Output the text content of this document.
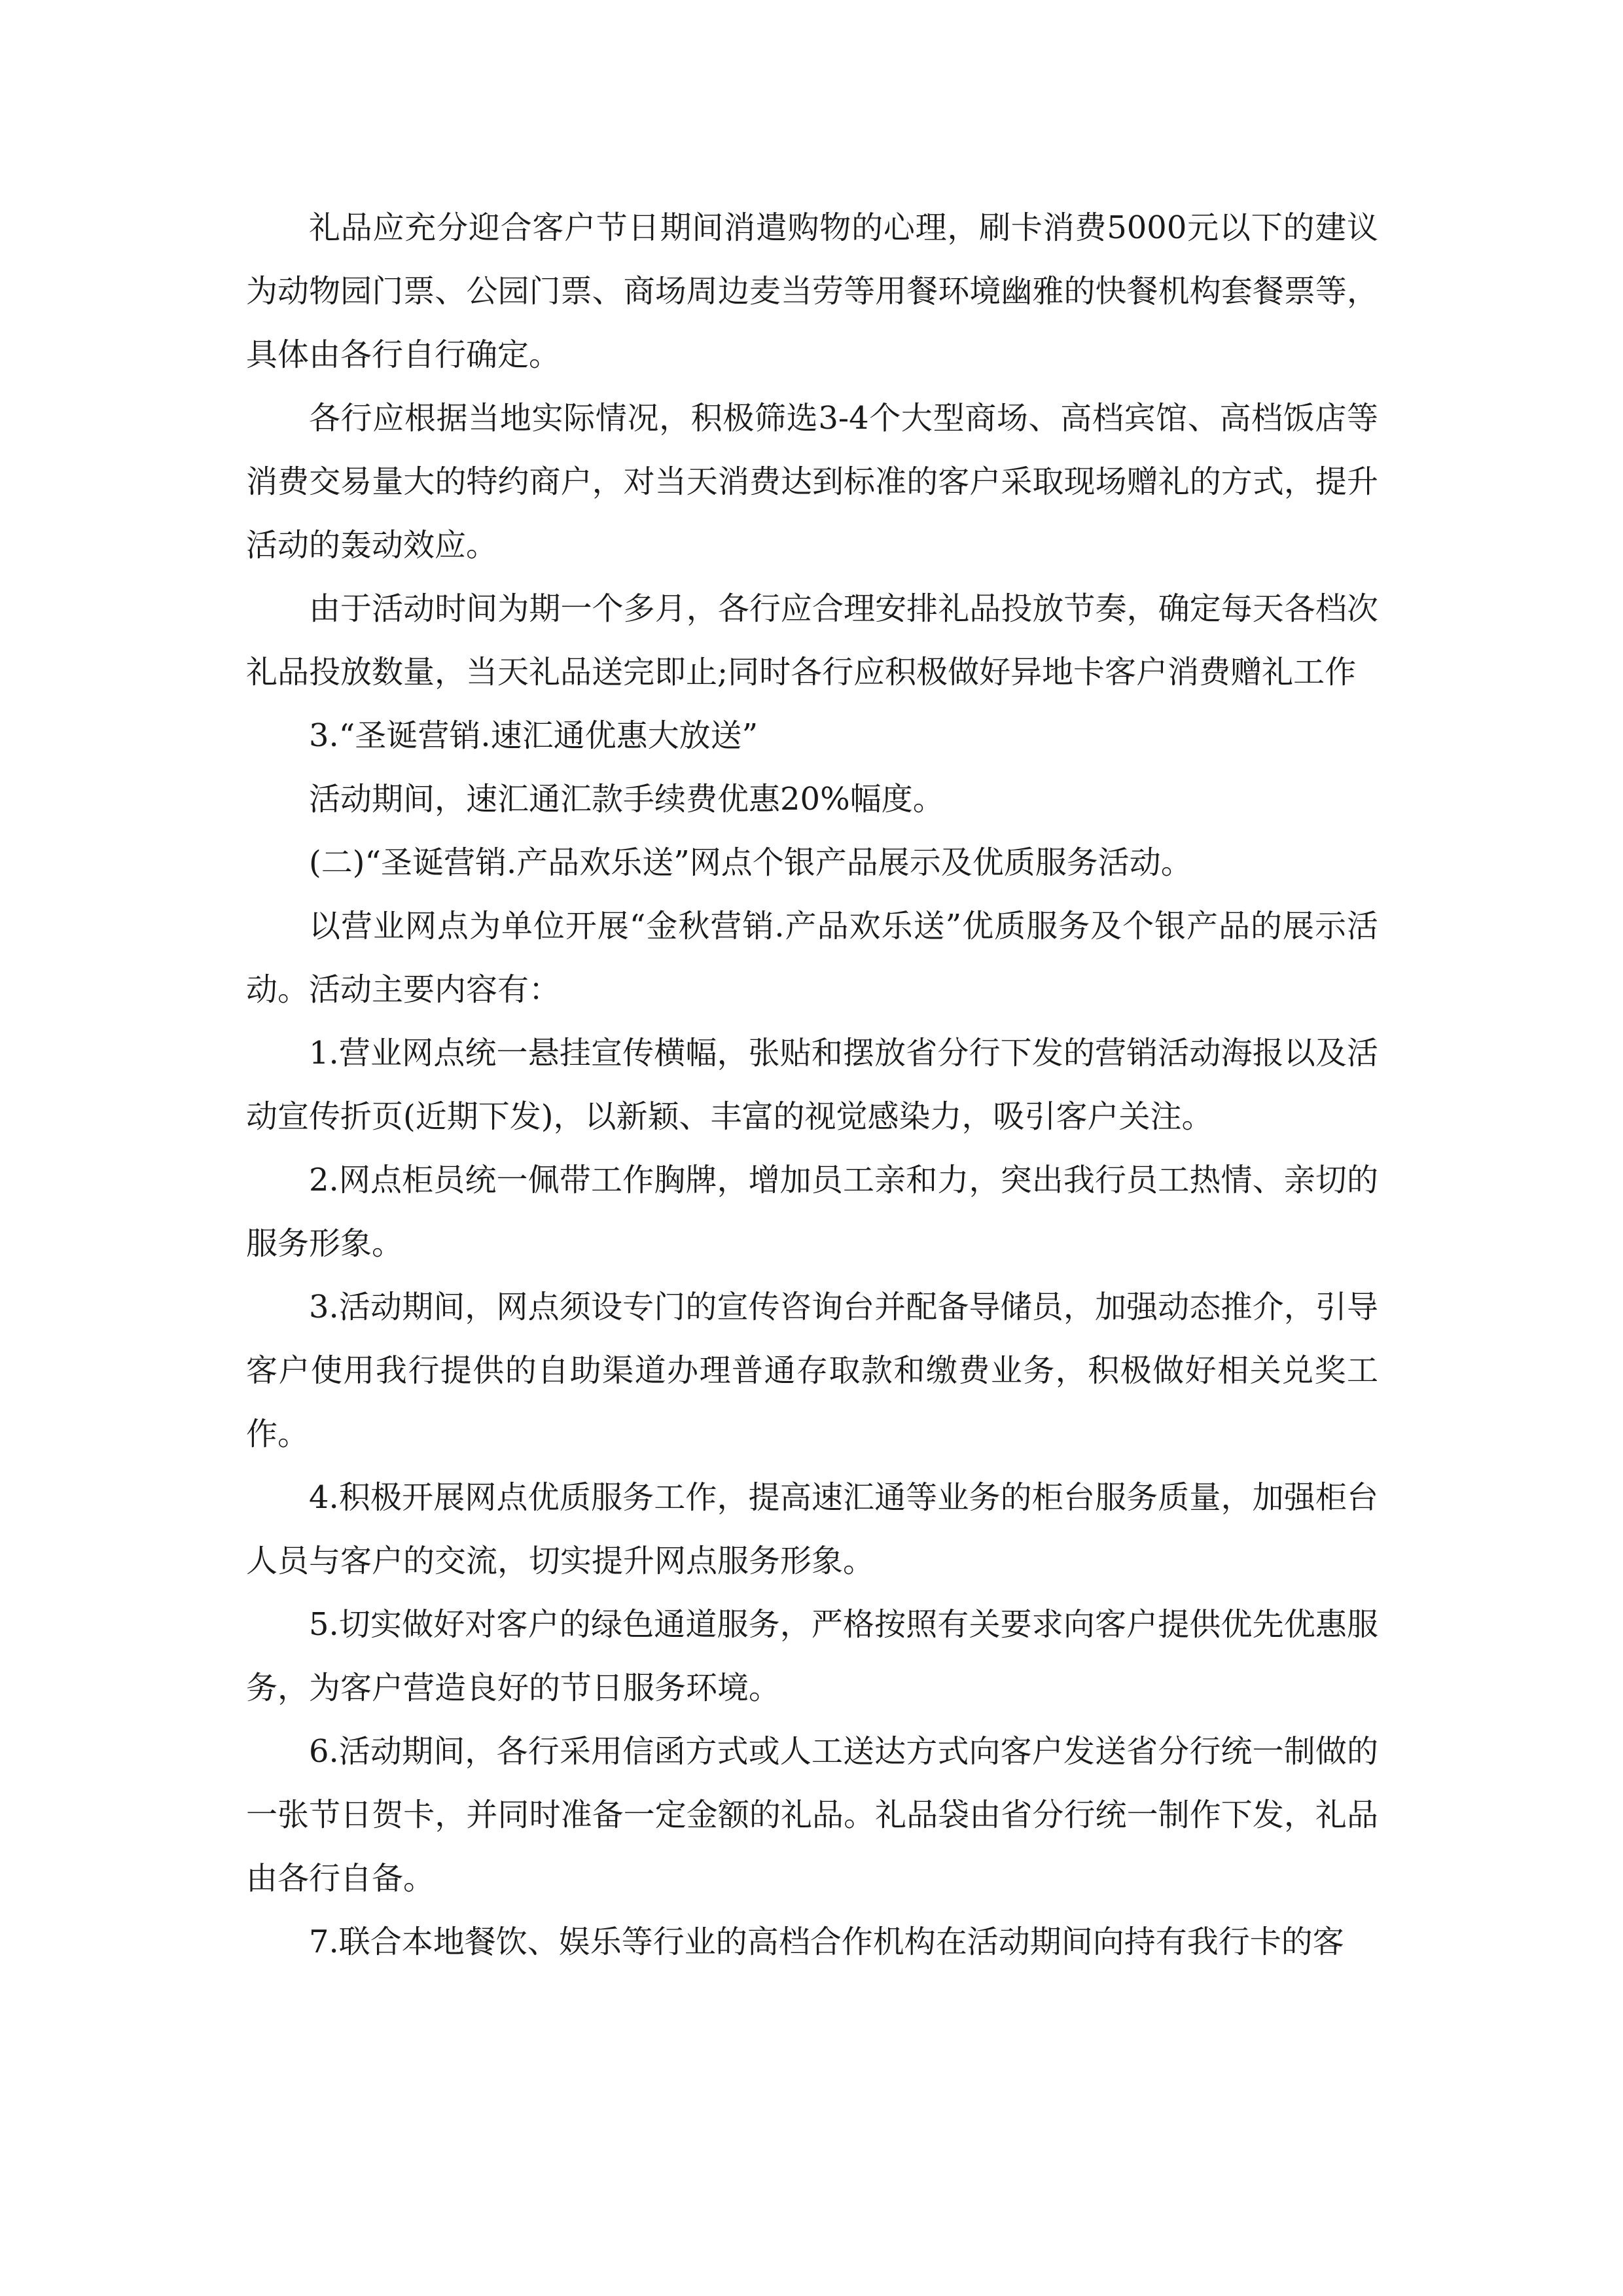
礼品应充分迎合客户节日期间消遣购物的心理，刷卡消费5000元以下的建议为动物园门票、公园门票、商场周边麦当劳等用餐环境幽雅的快餐机构套餐票等，具体由各行自行确定。

各行应根据当地实际情况，积极筛选3-4个大型商场、高档宾馆、高档饭店等消费交易量大的特约商户，对当天消费达到标准的客户采取现场赠礼的方式，提升活动的轰动效应。

由于活动时间为期一个多月，各行应合理安排礼品投放节奏，确定每天各档次礼品投放数量，当天礼品送完即止;同时各行应积极做好异地卡客户消费赠礼工作

3.“圣诞营销.速汇通优惠大放送”

活动期间，速汇通汇款手续费优惠20%幅度。

(二)“圣诞营销.产品欢乐送”网点个银产品展示及优质服务活动。

以营业网点为单位开展“金秋营销.产品欢乐送”优质服务及个银产品的展示活动。活动主要内容有：

1.营业网点统一悬挂宣传横幅，张贴和摆放省分行下发的营销活动海报以及活动宣传折页(近期下发)，以新颖、丰富的视觉感染力，吸引客户关注。

2.网点柜员统一佩带工作胸牌，增加员工亲和力，突出我行员工热情、亲切的服务形象。

3.活动期间，网点须设专门的宣传咨询台并配备导储员，加强动态推介，引导客户使用我行提供的自助渠道办理普通存取款和缴费业务，积极做好相关兑奖工作。

4.积极开展网点优质服务工作，提高速汇通等业务的柜台服务质量，加强柜台人员与客户的交流，切实提升网点服务形象。

5.切实做好对客户的绿色通道服务，严格按照有关要求向客户提供优先优惠服务，为客户营造良好的节日服务环境。

6.活动期间，各行采用信函方式或人工送达方式向客户发送省分行统一制做的一张节日贺卡，并同时准备一定金额的礼品。礼品袋由省分行统一制作下发，礼品由各行自备。

7.联合本地餐饮、娱乐等行业的高档合作机构在活动期间向持有我行卡的客
